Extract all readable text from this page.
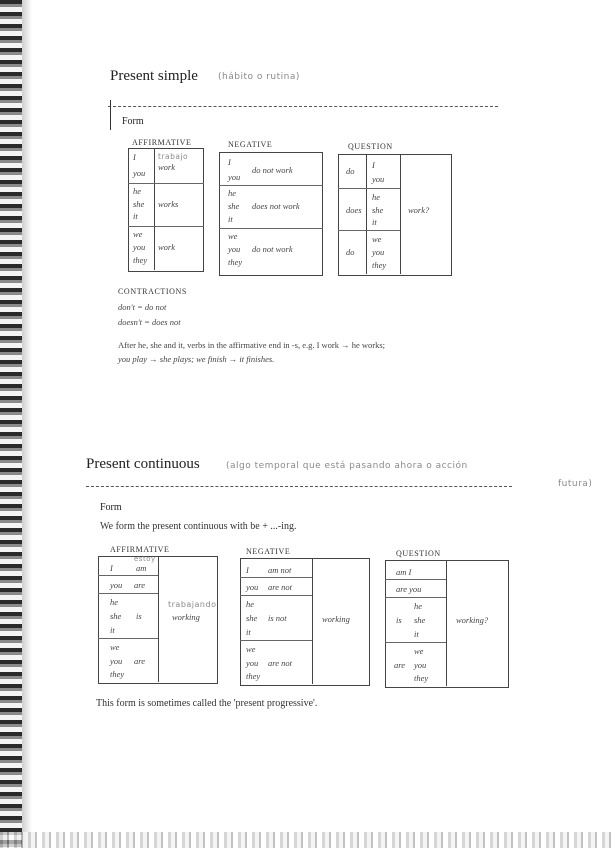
Present simple (hábito o rutina)
Form
AFFIRMATIVE
I
you
trabajo
work
he
she
it
works
we
you
they
work
NEGATIVE
I
you
do not work
he
she
it
does not work
we
you
they
do not work
QUESTION
do
I
you
does
he
she
it
do
we
you
they
work?
CONTRACTIONS
don't = do not
doesn't = does not
After he, she and it, verbs in the affirmative end in -s, e.g. I work → he works;
you play → she plays; we finish → it finishes.
Present continuous	(algo temporal que está pasando ahora o acción
futura)
Form
We form the present continuous with be + ...-ing.
AFFIRMATIVE
I
estoy
am
you are
he
she
it
is
we
you
they
are
trabajando
working
NEGATIVE
I am not
you are not
he
she
it
is not
we
you
they
are not
working
QUESTION
am I
are you
is
he
she
it
are
we
you
they
working?
This form is sometimes called the 'present progressive'.
